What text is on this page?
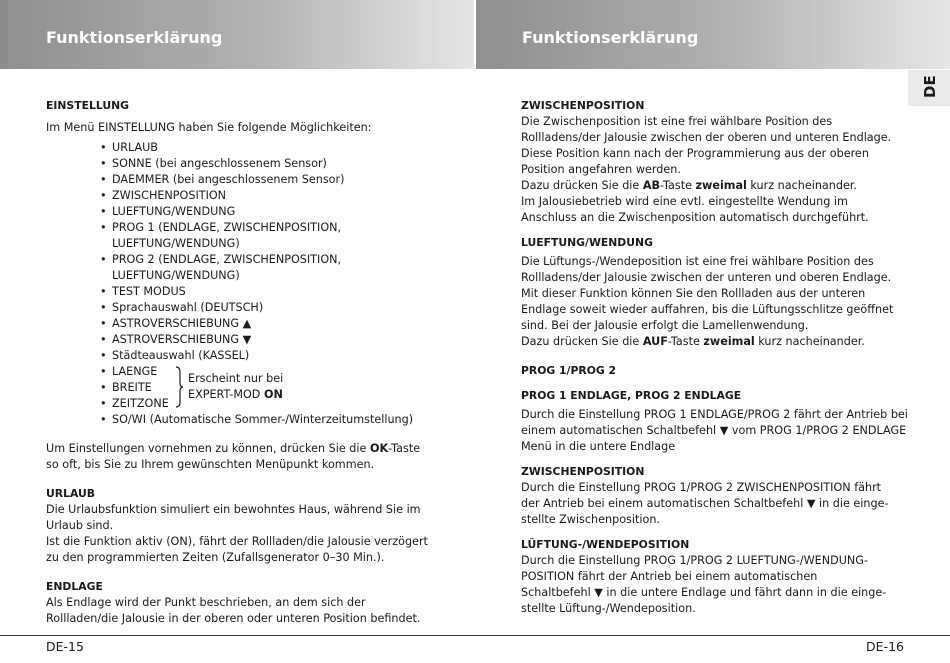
Funktionserklärung	Funktionserklärung
DE

EINSTELLUNG

Im Menü EINSTELLUNG haben Sie folgende Möglichkeiten:

• URLAUB
• SONNE (bei angeschlossenem Sensor)
• DAEMMER (bei angeschlossenem Sensor)
• ZWISCHENPOSITION
• LUEFTUNG/WENDUNG
• PROG 1 (ENDLAGE, ZWISCHENPOSITION,
LUEFTUNG/WENDUNG)
• PROG 2 (ENDLAGE, ZWISCHENPOSITION,
LUEFTUNG/WENDUNG)
• TEST MODUS
• Sprachauswahl (DEUTSCH)
• ASTROVERSCHIEBUNG ▲
• ASTROVERSCHIEBUNG ▼
• Städteauswahl (KASSEL)
• LAENGE
• BREITE
• ZEITZONE
Erscheint nur bei
EXPERT-MOD ON
• SO/WI (Automatische Sommer-/Winterzeitumstellung)

Um Einstellungen vornehmen zu können, drücken Sie die OK-Taste
so oft, bis Sie zu Ihrem gewünschten Menüpunkt kommen.

URLAUB

Die Urlaubsfunktion simuliert ein bewohntes Haus, während Sie im

Urlaub sind.

Ist die Funktion aktiv (ON), fährt der Rollladen/die Jalousie verzögert

zu den programmierten Zeiten (Zufallsgenerator 0–30 Min.).

ENDLAGE

Als Endlage wird der Punkt beschrieben, an dem sich der

Rollladen/die Jalousie in der oberen oder unteren Position befindet.

ZWISCHENPOSITION

Die Zwischenposition ist eine frei wählbare Position des

Rollladens/der Jalousie zwischen der oberen und unteren Endlage.

Diese Position kann nach der Programmierung aus der oberen

Position angefahren werden.

Dazu drücken Sie die AB-Taste zweimal kurz nacheinander.

Im Jalousiebetrieb wird eine evtl. eingestellte Wendung im

Anschluss an die Zwischenposition automatisch durchgeführt.

LUEFTUNG/WENDUNG

Die Lüftungs-/Wendeposition ist eine frei wählbare Position des

Rollladens/der Jalousie zwischen der unteren und oberen Endlage.

Mit dieser Funktion können Sie den Rollladen aus der unteren

Endlage soweit wieder auffahren, bis die Lüftungsschlitze geöffnet

sind. Bei der Jalousie erfolgt die Lamellenwendung.

Dazu drücken Sie die AUF-Taste zweimal kurz nacheinander.

PROG 1/PROG 2

PROG 1 ENDLAGE, PROG 2 ENDLAGE

Durch die Einstellung PROG 1 ENDLAGE/PROG 2 fährt der Antrieb bei

einem automatischen Schaltbefehl ▼ vom PROG 1/PROG 2 ENDLAGE

Menü in die untere Endlage

ZWISCHENPOSITION

Durch die Einstellung PROG 1/PROG 2 ZWISCHENPOSITION fährt

der Antrieb bei einem automatischen Schaltbefehl ▼ in die einge-

stellte Zwischenposition.

LÜFTUNG-/WENDEPOSITION

Durch die Einstellung PROG 1/PROG 2 LUEFTUNG-/WENDUNG-

POSITION fährt der Antrieb bei einem automatischen

Schaltbefehl ▼ in die untere Endlage und fährt dann in die einge-

stellte Lüftung-/Wendeposition.

DE-15	DE-16
